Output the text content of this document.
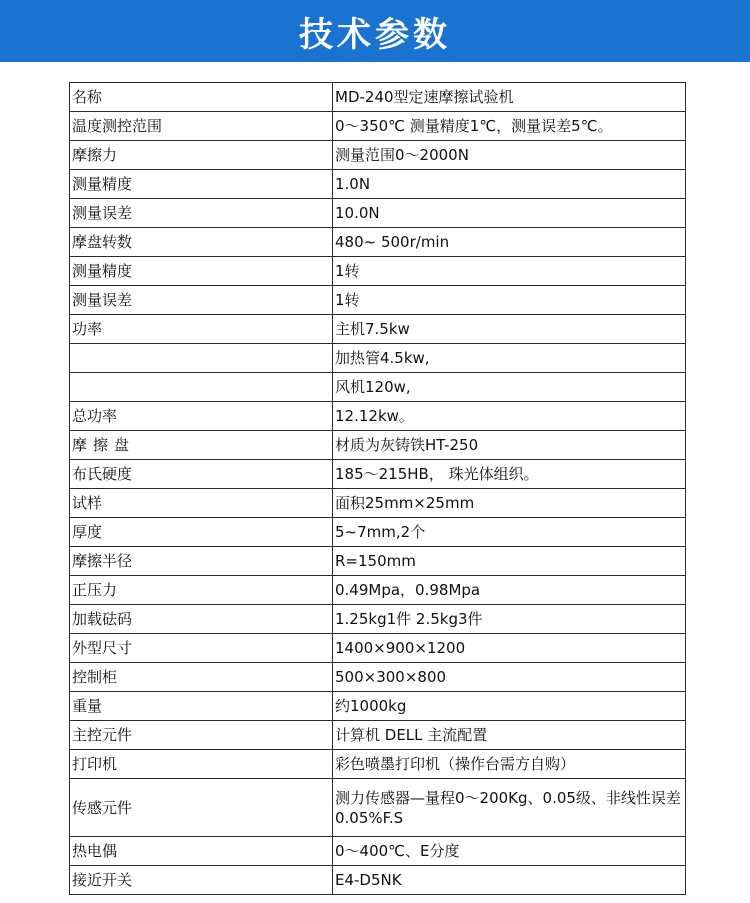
技术参数
名称	MD-240型定速摩擦试验机
温度测控范围	0～350℃ 测量精度1℃，测量误差5℃。
摩擦力	测量范围0～2000N
测量精度	1.0N
测量误差	10.0N
摩盘转数	480~ 500r/min
测量精度	1转
测量误差	1转
功率	主机7.5kw
	加热管4.5kw,
	风机120w,
总功率	12.12kw。
摩擦盘	材质为灰铸铁HT-250
布氏硬度	185～215HB， 珠光体组织。
试样	面积25mm×25mm
厚度	5~7mm,2个
摩擦半径	R=150mm
正压力	0.49Mpa，0.98Mpa
加载砝码	1.25kg1件 2.5kg3件
外型尺寸	1400×900×1200
控制柜	500×300×800
重量	约1000kg
主控元件	计算机 DELL 主流配置
打印机	彩色喷墨打印机（操作台需方自购）
传感元件	测力传感器—量程0～200Kg、0.05级、非线性误差0.05%F.S
热电偶	0～400℃、E分度
接近开关	E4-D5NK
